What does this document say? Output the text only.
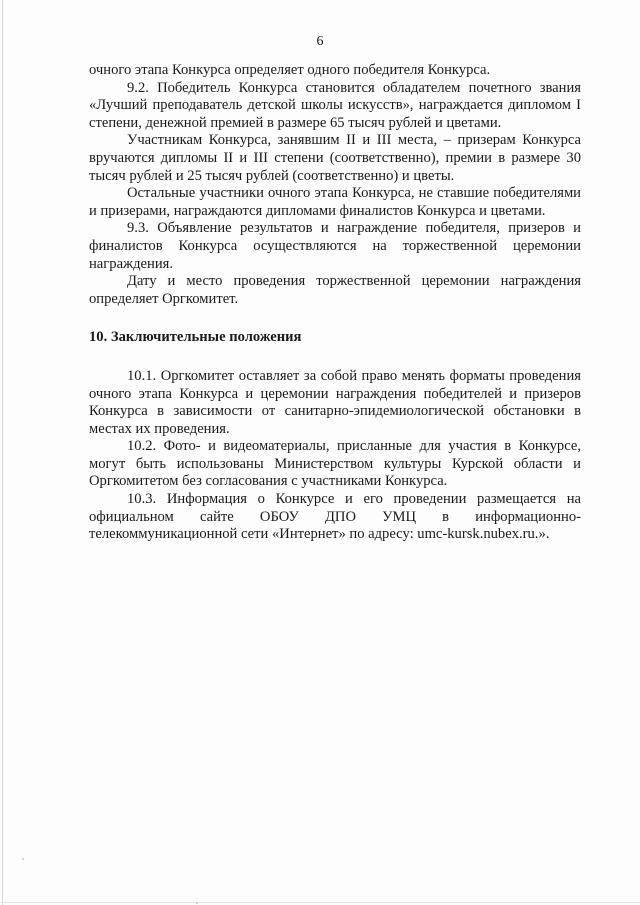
6

очного этапа Конкурса определяет одного победителя Конкурса.

9.2. Победитель Конкурса становится обладателем почетного звания «Лучший преподаватель детской школы искусств», награждается дипломом I степени, денежной премией в размере 65 тысяч рублей и цветами.

Участникам Конкурса, занявшим II и III места, – призерам Конкурса вручаются дипломы II и III степени (соответственно), премии в размере 30 тысяч рублей и 25 тысяч рублей (соответственно) и цветы.

Остальные участники очного этапа Конкурса, не ставшие победителями и призерами, награждаются дипломами финалистов Конкурса и цветами.

9.3. Объявление результатов и награждение победителя, призеров и финалистов Конкурса осуществляются на торжественной церемонии награждения.

Дату и место проведения торжественной церемонии награждения определяет Оргкомитет.

10. Заключительные положения

10.1. Оргкомитет оставляет за собой право менять форматы проведения очного этапа Конкурса и церемонии награждения победителей и призеров Конкурса в зависимости от санитарно-эпидемиологической обстановки в местах их проведения.

10.2. Фото- и видеоматериалы, присланные для участия в Конкурсе, могут быть использованы Министерством культуры Курской области и Оргкомитетом без согласования с участниками Конкурса.

10.3. Информация о Конкурсе и его проведении размещается на официальном сайте ОБОУ ДПО УМЦ в информационно-телекоммуникационной сети «Интернет» по адресу: umc-kursk.nubex.ru.».
